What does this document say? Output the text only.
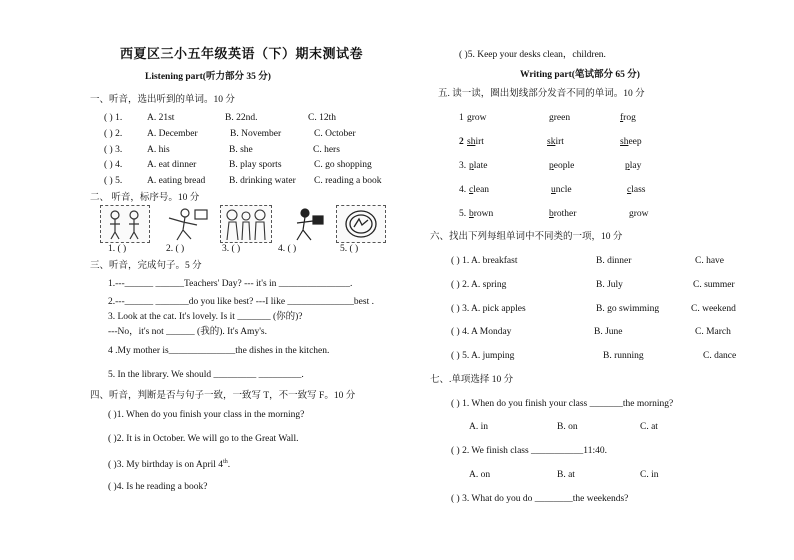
西夏区三小五年级英语（下）期末测试卷
Listening part(听力部分 35 分)
一、听音，选出听到的单词。10 分
( ) 1.	A. 21st	B. 22nd.	C. 12th
( ) 2.	A. December	B. November	C. October
( ) 3.	A. his	B. she	C. hers
( ) 4.	A. eat dinner	B. play sports	C. go shopping
( ) 5.	A. eating bread B. drinking water C. reading a book
二、 听音，标序号。10 分
1. ( )	2. ( )	3. ( )	4. ( )	5. ( )
三、听音，完成句子。5 分
1.---______ ______Teachers' Day? --- it's in _______________.
2.---______ _______do you like best? ---I like ______________best .
3. Look at the cat. It's lovely. Is it _______ (你的)?
---No，it's not ______ (我的). It's Amy's.
4 .My mother is______________the dishes in the kitchen.
5. In the library. We should _________ _________.
四、听音，判断是否与句子一致，一致写 T，不一致写 F。10 分
( )1. When do you finish your class in the morning?
( )2. It is in October. We will go to the Great Wall.
( )3. My birthday is on April 4th.
( )4. Is he reading a book?
( )5. Keep your desks clean，children.
Writing part(笔试部分 65 分)
五. 读一读，圈出划线部分发音不同的单词。10 分
1 grow	green	frog
2 shirt	skirt	sheep
3. plate	people	play
4. clean	uncle	class
5. brown	brother	grow
六、找出下列每组单词中不同类的一项，10 分
( ) 1. A. breakfast	B. dinner	C. have
( ) 2. A. spring	B. July	C. summer
( ) 3. A. pick apples	B. go swimming	C. weekend
( ) 4. A Monday	B. June	C. March
( ) 5. A. jumping	B. running	C. dance
七、.单项选择 10 分
( ) 1. When do you finish your class _______the morning?
A. in	B. on	C. at
( ) 2. We finish class ___________11:40.
A. on	B. at	C. in
( ) 3. What do you do ________the weekends?
